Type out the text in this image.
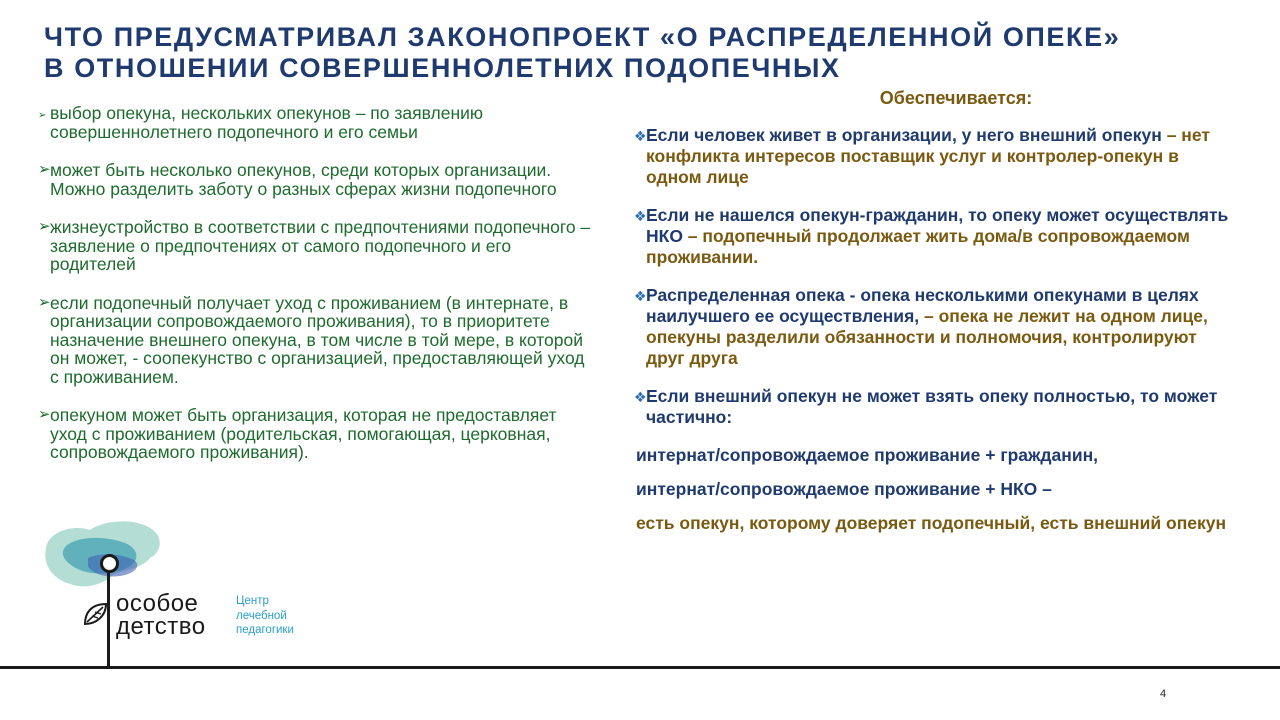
ЧТО ПРЕДУСМАТРИВАЛ ЗАКОНОПРОЕКТ «О РАСПРЕДЕЛЕННОЙ ОПЕКЕ»
В ОТНОШЕНИИ СОВЕРШЕННОЛЕТНИХ ПОДОПЕЧНЫХ
➢ выбор опекуна, нескольких опекунов – по заявлению совершеннолетнего подопечного и его семьи
➢ может быть несколько опекунов, среди которых организации. Можно разделить заботу о разных сферах жизни подопечного
➢ жизнеустройство в соответствии с предпочтениями подопечного – заявление о предпочтениях от самого подопечного и его родителей
➢ если подопечный получает уход с проживанием (в интернате, в организации сопровождаемого проживания), то в приоритете назначение внешнего опекуна, в том числе в той мере, в которой он может, - соопекунство с организацией, предоставляющей уход с проживанием.
➢ опекуном может быть организация, которая не предоставляет уход с проживанием (родительская, помогающая, церковная, сопровождаемого проживания).
Обеспечивается:
❖ Если человек живет в организации, у него внешний опекун – нет конфликта интересов поставщик услуг и контролер-опекун в одном лице
❖ Если не нашелся опекун-гражданин, то опеку может осуществлять НКО – подопечный продолжает жить дома/в сопровождаемом проживании.
❖ Распределенная опека - опека несколькими опекунами в целях наилучшего ее осуществления, – опека не лежит на одном лице, опекуны разделили обязанности и полномочия, контролируют друг друга
❖ Если внешний опекун не может взять опеку полностью, то может частично:
интернат/сопровождаемое проживание + гражданин,
интернат/сопровождаемое проживание + НКО –
есть опекун, которому доверяет подопечный, есть внешний опекун
особое
детство
Центр
лечебной
педагогики
4
